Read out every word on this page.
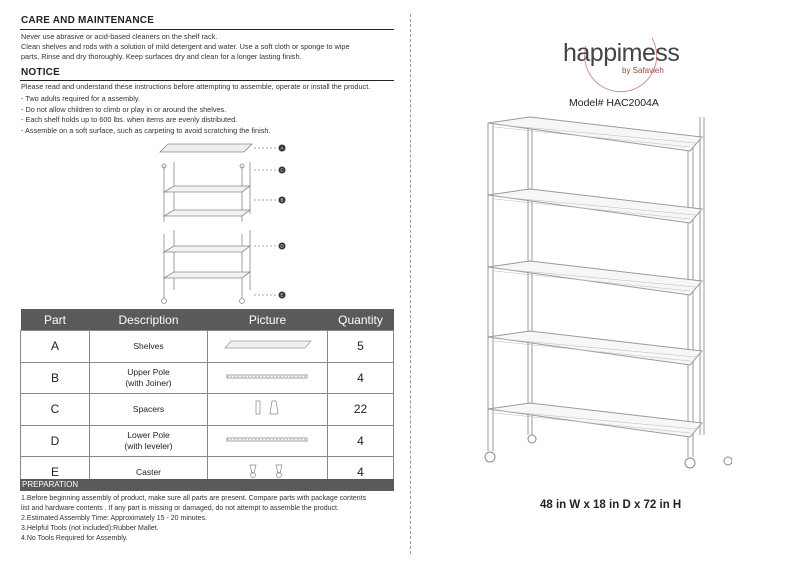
CARE AND MAINTENANCE
Never use abrasive or acid-based cleaners on the shelf rack.
Clean shelves and rods with a solution of mild detergent and water. Use a soft cloth or sponge to wipe
parts. Rinse and dry thoroughly. Keep surfaces dry and clean for a longer lasting finish.
NOTICE
Please read and understand these instructions before attempting to assemble, operate or install the product.
- Two adults required for a assembly.
- Do not allow children to climb or play in or around the shelves.
- Each shelf holds up to 600 lbs. when items are evenly distributed.
- Assemble on a soft surface, such as carpeting to avoid scratching the finish.
A
C
B
D
E
Part	Description	Picture	Quantity
A	Shelves		5
B	Upper Pole
(with Joiner)		4
C	Spacers		22
D	Lower Pole
(with leveler)		4
E	Caster		4
PREPARATION
1.Before beginning assembly of product, make sure all parts are present. Compare parts with package contents
list and hardware contents . If any part is missing or damaged, do not attempt to assemble the product.
2.Estimated Assembly Time: Approximately 15 - 20 minutes.
3.Helpful Tools (not included):Rubber Mallet.
4.No Tools Required for Assembly.
happimess
by Safavieh
Model# HAC2004A
48 in W x 18 in D x 72 in H
